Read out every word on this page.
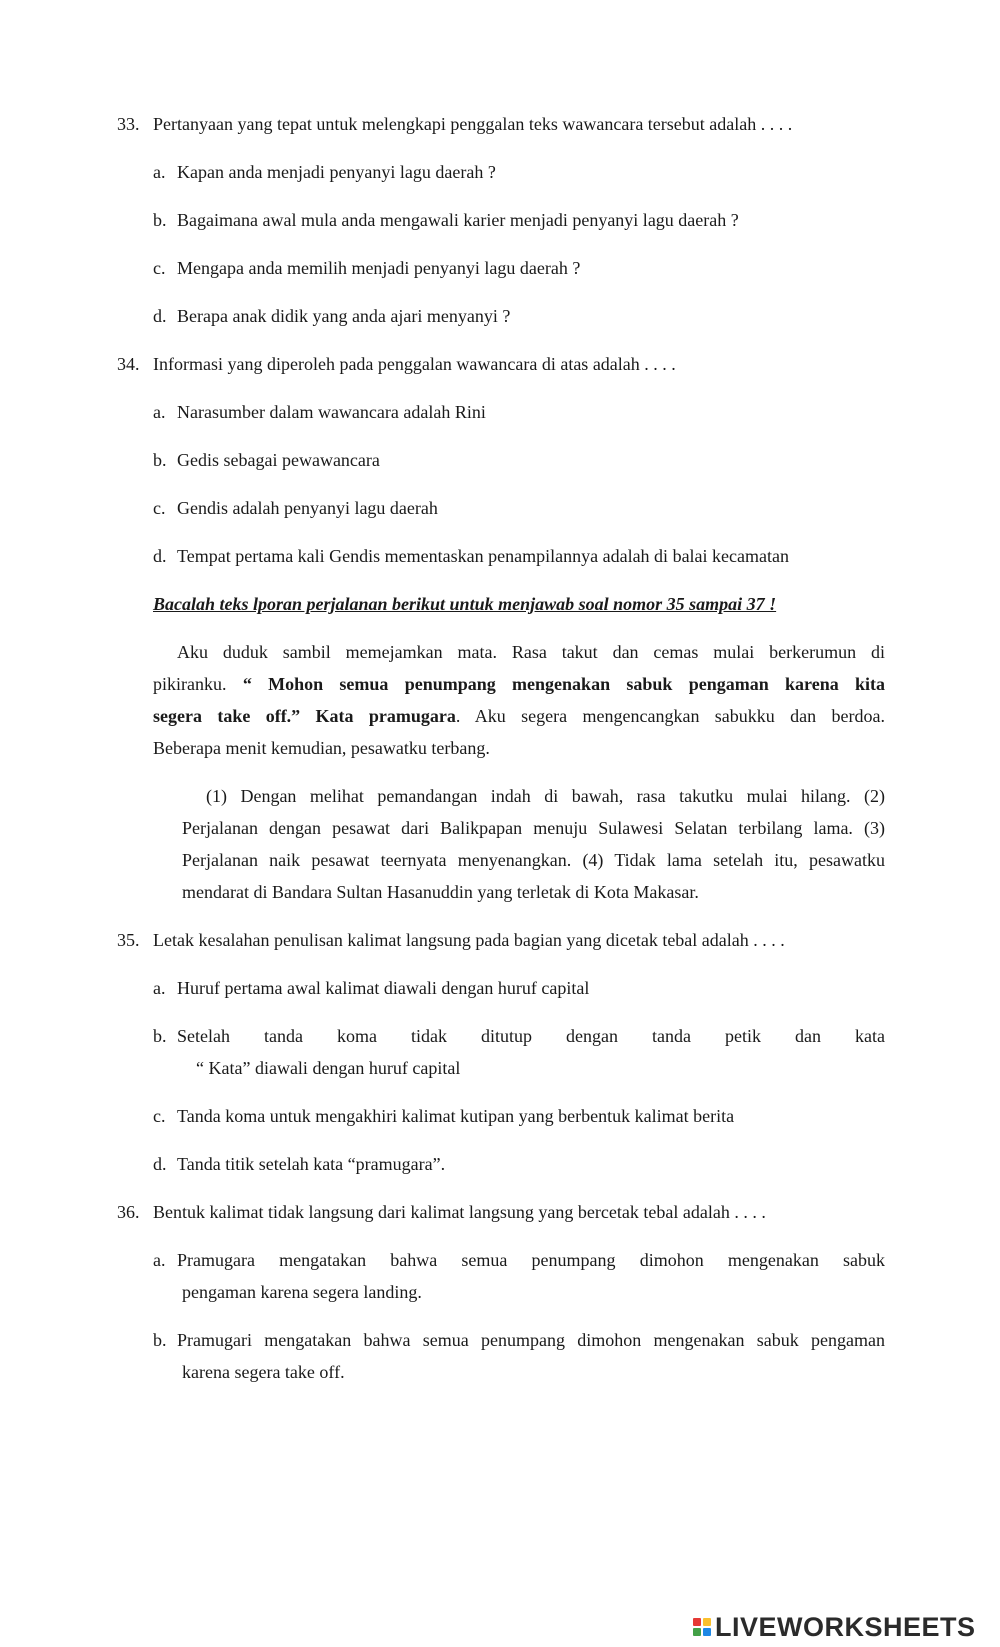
33. Pertanyaan yang tepat untuk melengkapi penggalan teks wawancara tersebut adalah . . . .
a. Kapan anda menjadi penyanyi lagu daerah ?
b. Bagaimana awal mula anda mengawali karier menjadi penyanyi lagu daerah ?
c. Mengapa anda memilih menjadi penyanyi lagu daerah ?
d. Berapa anak didik yang anda ajari menyanyi ?
34. Informasi yang diperoleh pada penggalan wawancara di atas adalah . . . .
a. Narasumber dalam wawancara adalah Rini
b. Gedis sebagai pewawancara
c. Gendis adalah penyanyi lagu daerah
d. Tempat pertama kali Gendis mementaskan penampilannya adalah di balai kecamatan
Bacalah teks lporan perjalanan berikut untuk menjawab soal nomor 35 sampai 37 !
Aku duduk sambil memejamkan mata. Rasa takut dan cemas mulai berkerumun di
pikiranku. “ Mohon semua penumpang mengenakan sabuk pengaman karena kita
segera take off.” Kata pramugara. Aku segera mengencangkan sabukku dan berdoa.
Beberapa menit kemudian, pesawatku terbang.
(1) Dengan melihat pemandangan indah di bawah, rasa takutku mulai hilang. (2)
Perjalanan dengan pesawat dari Balikpapan menuju Sulawesi Selatan terbilang lama. (3)
Perjalanan naik pesawat teernyata menyenangkan. (4) Tidak lama setelah itu, pesawatku
mendarat di Bandara Sultan Hasanuddin yang terletak di Kota Makasar.
35. Letak kesalahan penulisan kalimat langsung pada bagian yang dicetak tebal adalah . . . .
a. Huruf pertama awal kalimat diawali dengan huruf capital
b. Setelah tanda koma tidak ditutup dengan tanda petik dan kata
“ Kata” diawali dengan huruf capital
c. Tanda koma untuk mengakhiri kalimat kutipan yang berbentuk kalimat berita
d. Tanda titik setelah kata “pramugara”.
36. Bentuk kalimat tidak langsung dari kalimat langsung yang bercetak tebal adalah . . . .
a. Pramugara mengatakan bahwa semua penumpang dimohon mengenakan sabuk
pengaman karena segera landing.
b. Pramugari mengatakan bahwa semua penumpang dimohon mengenakan sabuk pengaman
karena segera take off.
LIVEWORKSHEETS
